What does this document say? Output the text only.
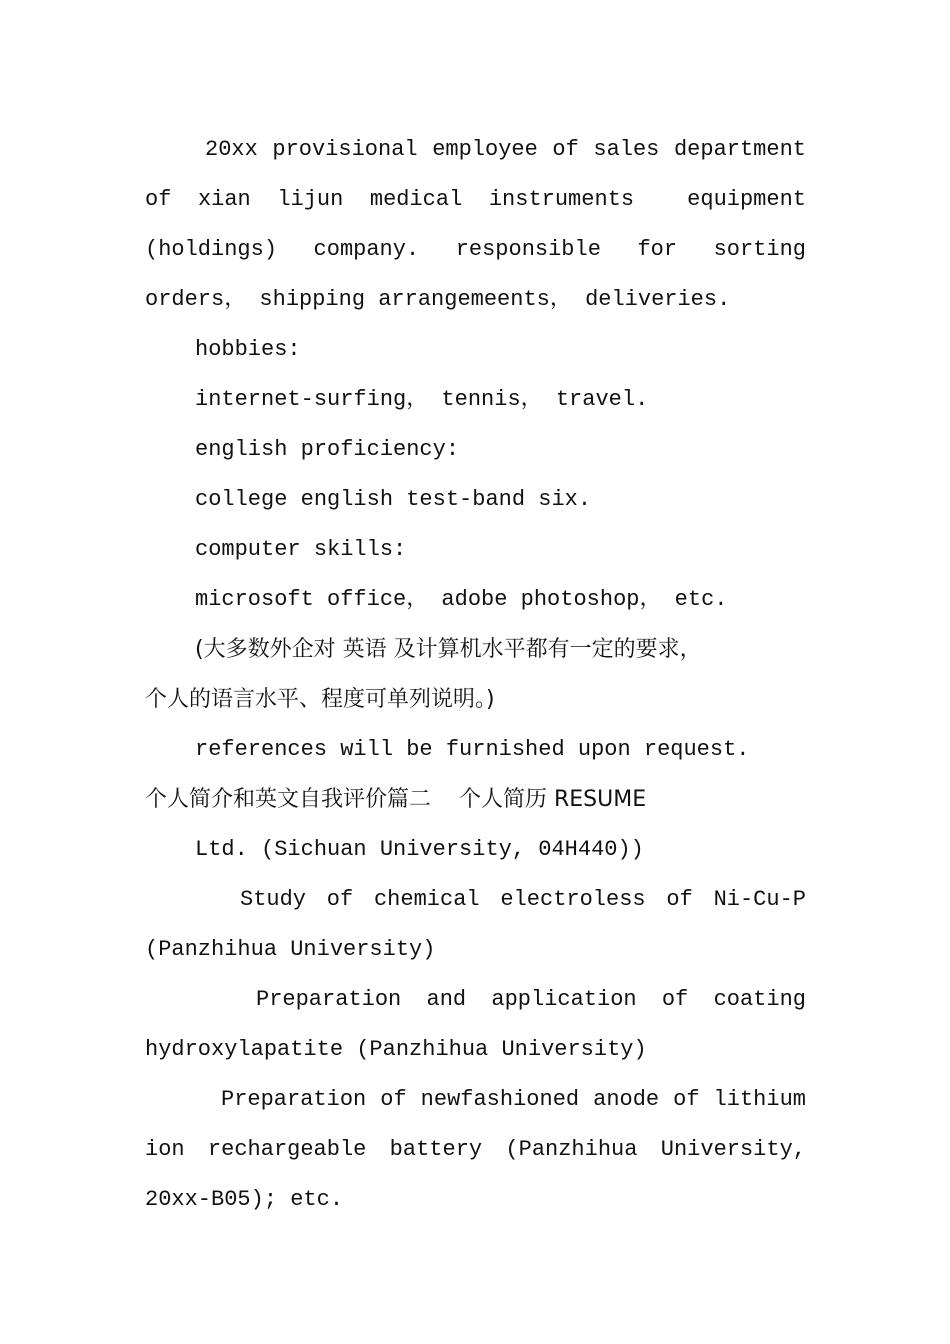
20xx provisional employee of sales department
of xian lijun medical instruments  equipment
(holdings) company. responsible for sorting
orders， shipping arrangemeents， deliveries.
hobbies:
internet-surfing， tennis， travel.
english proficiency:
college english test-band six.
computer skills:
microsoft office， adobe photoshop， etc.
(大多数外企对 英语 及计算机水平都有一定的要求，
个人的语言水平、程度可单列说明。)
references will be furnished upon request.
个人简介和英文自我评价篇二    个人简历 RESUME
Ltd. (Sichuan University, 04H440))
Study of chemical electroless of Ni-Cu-P
(Panzhihua University)
Preparation and application of coating
hydroxylapatite (Panzhihua University)
Preparation of newfashioned anode of lithium
ion rechargeable battery (Panzhihua University,
20xx-B05); etc.
